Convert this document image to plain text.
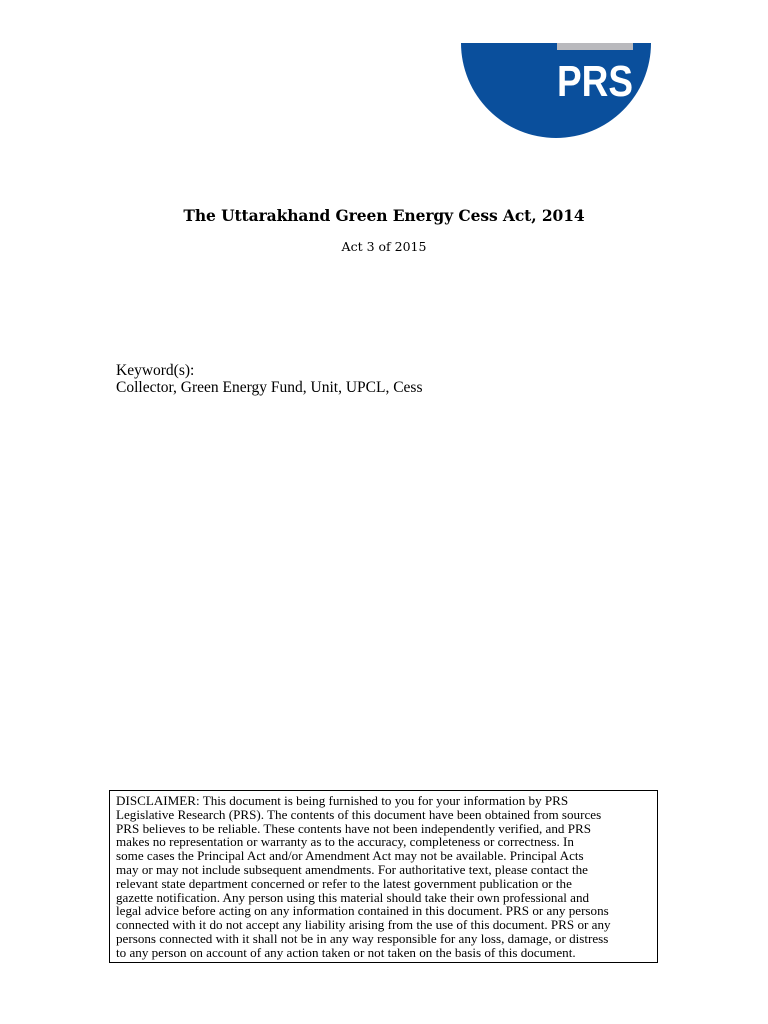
PRS
The Uttarakhand Green Energy Cess Act, 2014
Act 3 of 2015
Keyword(s):
Collector, Green Energy Fund, Unit, UPCL, Cess
DISCLAIMER: This document is being furnished to you for your information by PRS
Legislative Research (PRS). The contents of this document have been obtained from sources
PRS believes to be reliable. These contents have not been independently verified, and PRS
makes no representation or warranty as to the accuracy, completeness or correctness. In
some cases the Principal Act and/or Amendment Act may not be available. Principal Acts
may or may not include subsequent amendments. For authoritative text, please contact the
relevant state department concerned or refer to the latest government publication or the
gazette notification. Any person using this material should take their own professional and
legal advice before acting on any information contained in this document. PRS or any persons
connected with it do not accept any liability arising from the use of this document. PRS or any
persons connected with it shall not be in any way responsible for any loss, damage, or distress
to any person on account of any action taken or not taken on the basis of this document.
